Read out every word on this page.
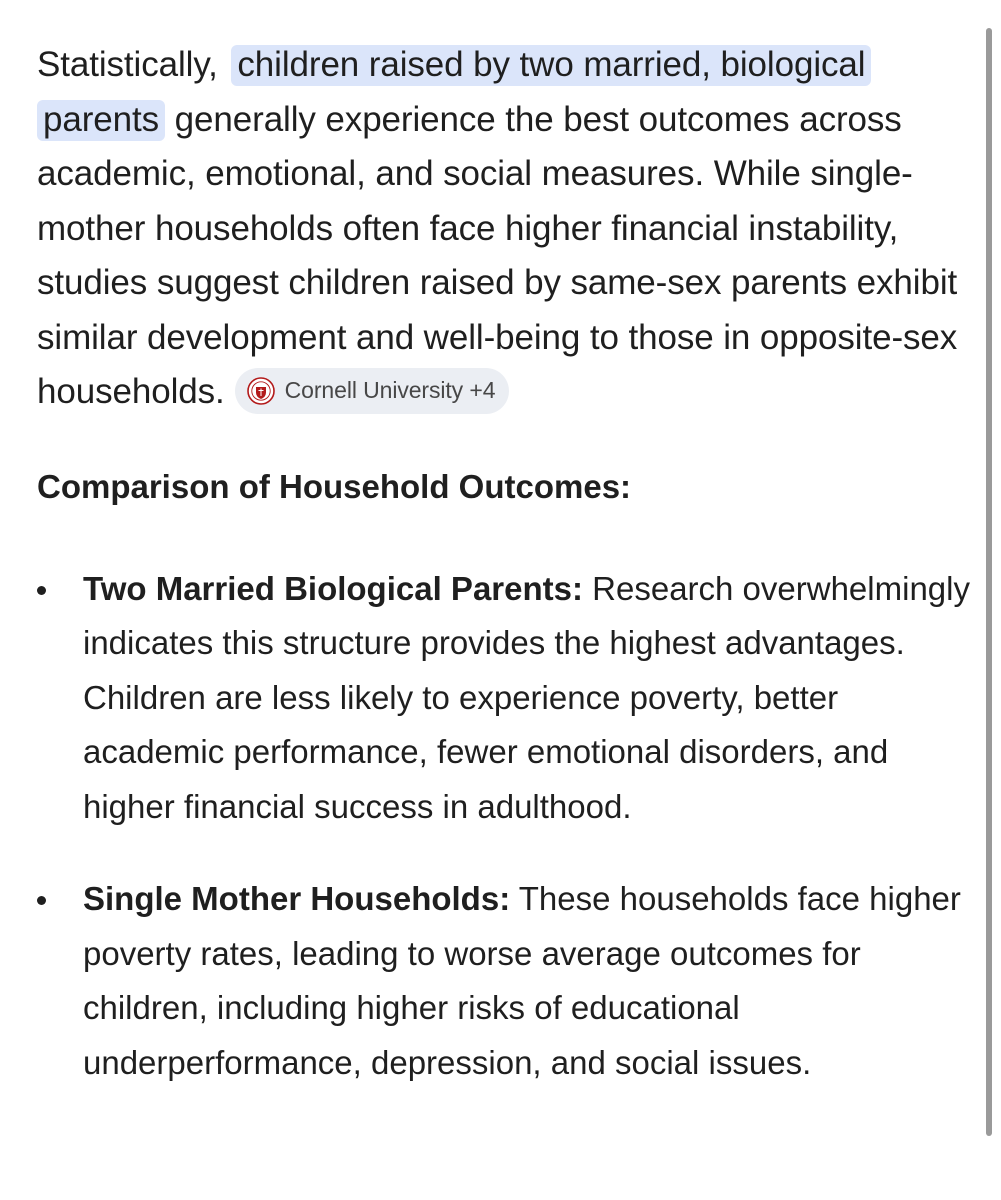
Statistically, children raised by two married, biological
parents generally experience the best outcomes across academic, emotional, and social measures. While single-mother households often face higher financial instability, studies suggest children raised by same-sex parents exhibit similar development and well-being to those in opposite-sex households.	Cornell University +4

Comparison of Household Outcomes:
Two Married Biological Parents: Research overwhelmingly indicates this structure provides the highest advantages. Children are less likely to experience poverty, better academic performance, fewer emotional disorders, and higher financial success in adulthood.
Single Mother Households: These households face higher poverty rates, leading to worse average outcomes for children, including higher risks of educational underperformance, depression, and social issues.
